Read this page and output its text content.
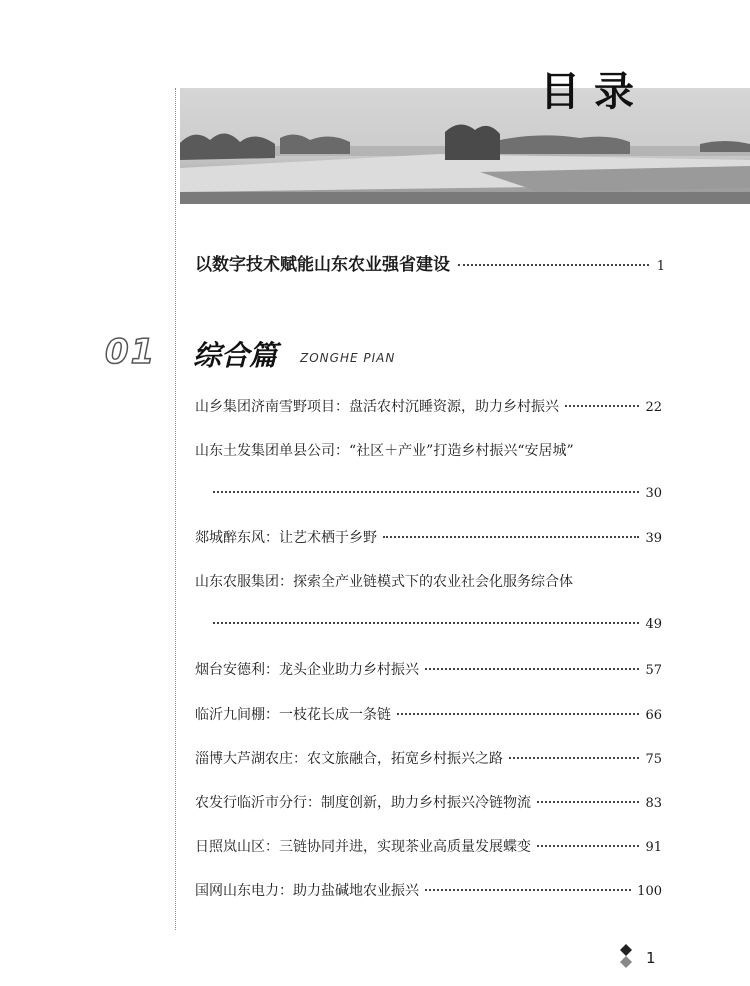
目录
以数字技术赋能山东农业强省建设	1
01 综合篇 ZONGHE PIAN
山乡集团济南雪野项目：盘活农村沉睡资源，助力乡村振兴	22
山东土发集团单县公司：“社区＋产业”打造乡村振兴“安居城”
30
郯城醉东风：让艺术栖于乡野	39
山东农服集团：探索全产业链模式下的农业社会化服务综合体
49
烟台安德利：龙头企业助力乡村振兴	57
临沂九间棚：一枝花长成一条链	66
淄博大芦湖农庄：农文旅融合，拓宽乡村振兴之路	75
农发行临沂市分行：制度创新，助力乡村振兴冷链物流	83
日照岚山区：三链协同并进，实现茶业高质量发展蝶变	91
国网山东电力：助力盐碱地农业振兴	100
1
